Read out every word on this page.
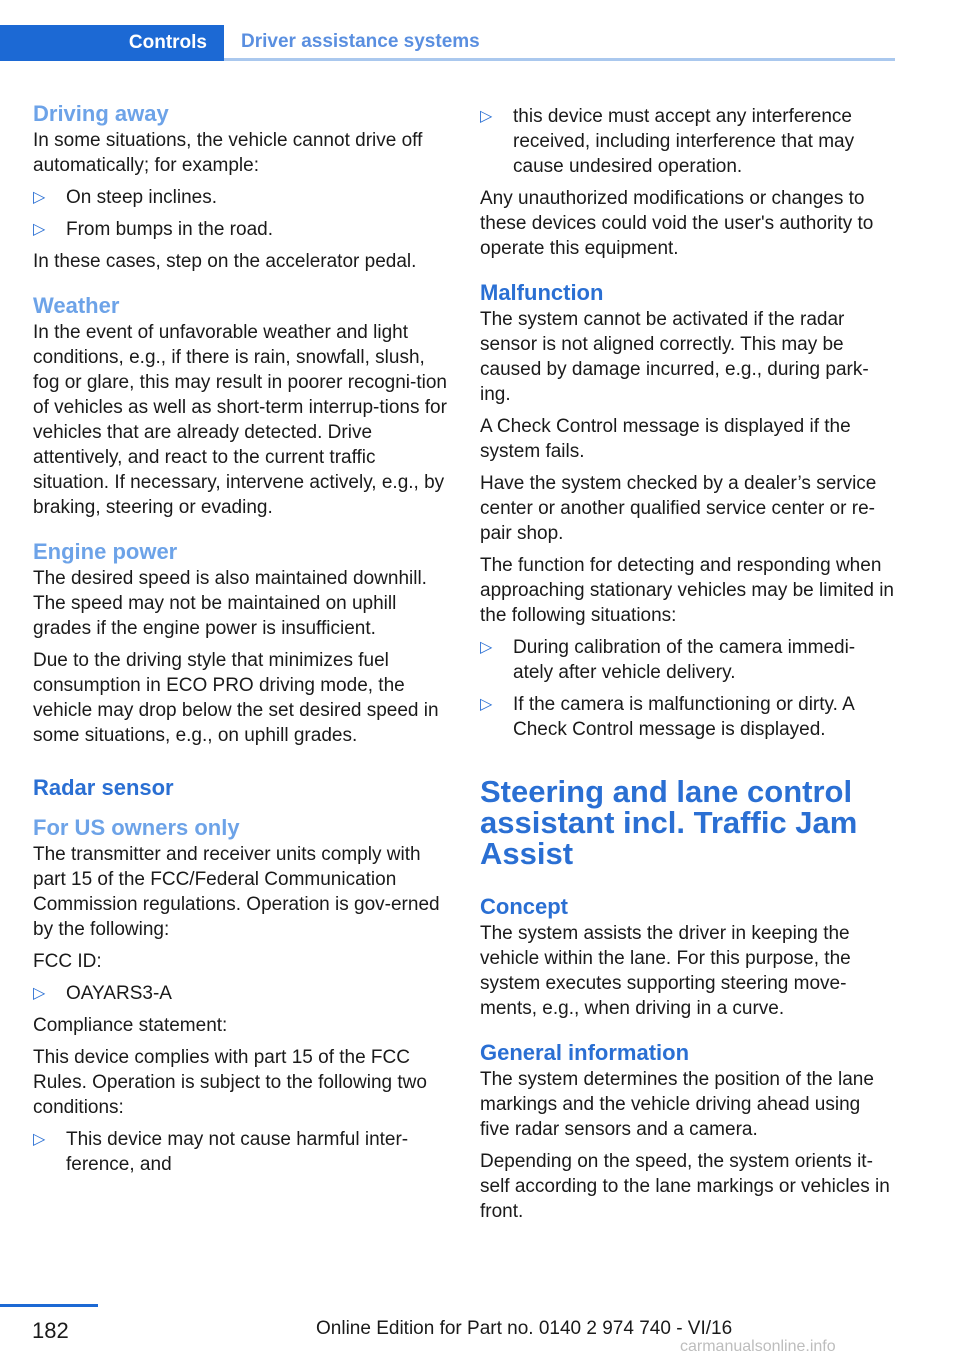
Controls	Driver assistance systems
Driving away

In some situations, the vehicle cannot drive off automatically; for example:

▷ On steep inclines.
▷ From bumps in the road.

In these cases, step on the accelerator pedal.

Weather

In the event of unfavorable weather and light conditions, e.g., if there is rain, snowfall, slush, fog or glare, this may result in poorer recogni‐tion of vehicles as well as short-term interrup‐tions for vehicles that are already detected. Drive attentively, and react to the current traffic situation. If necessary, intervene actively, e.g., by braking, steering or evading.

Engine power

The desired speed is also maintained downhill. The speed may not be maintained on uphill grades if the engine power is insufficient.

Due to the driving style that minimizes fuel consumption in ECO PRO driving mode, the vehicle may drop below the set desired speed in some situations, e.g., on uphill grades.

Radar sensor
For US owners only

The transmitter and receiver units comply with part 15 of the FCC/Federal Communication Commission regulations. Operation is gov‐erned by the following:

FCC ID:

▷ OAYARS3-A

Compliance statement:

This device complies with part 15 of the FCC Rules. Operation is subject to the following two conditions:

▷ This device may not cause harmful inter‐ference, and
▷ this device must accept any interference received, including interference that may cause undesired operation.

Any unauthorized modifications or changes to these devices could void the user's authority to operate this equipment.

Malfunction

The system cannot be activated if the radar sensor is not aligned correctly. This may be caused by damage incurred, e.g., during park‐ing.

A Check Control message is displayed if the system fails.

Have the system checked by a dealer’s service center or another qualified service center or re‐pair shop.

The function for detecting and responding when approaching stationary vehicles may be limited in the following situations:

▷ During calibration of the camera immedi‐ately after vehicle delivery.
▷ If the camera is malfunctioning or dirty. A Check Control message is displayed.
Steering and lane control assistant incl. Traffic Jam Assist
Concept

The system assists the driver in keeping the vehicle within the lane. For this purpose, the system executes supporting steering move‐ments, e.g., when driving in a curve.

General information

The system determines the position of the lane markings and the vehicle driving ahead using five radar sensors and a camera.

Depending on the speed, the system orients it‐self according to the lane markings or vehicles in front.

182	Online Edition for Part no. 0140 2 974 740 - VI/16
carmanualsonline.info
